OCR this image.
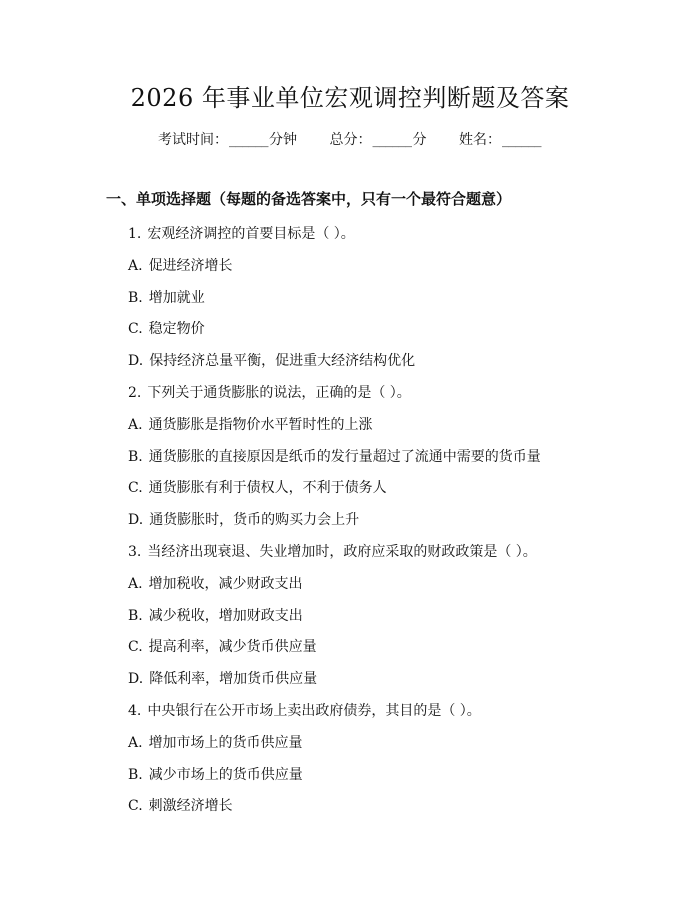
2026 年事业单位宏观调控判断题及答案
考试时间：______分钟 总分：______分 姓名：______
一、单项选择题（每题的备选答案中，只有一个最符合题意）
1. 宏观经济调控的首要目标是（ ）。
A. 促进经济增长
B. 增加就业
C. 稳定物价
D. 保持经济总量平衡，促进重大经济结构优化
2. 下列关于通货膨胀的说法，正确的是（ ）。
A. 通货膨胀是指物价水平暂时性的上涨
B. 通货膨胀的直接原因是纸币的发行量超过了流通中需要的货币量
C. 通货膨胀有利于债权人，不利于债务人
D. 通货膨胀时，货币的购买力会上升
3. 当经济出现衰退、失业增加时，政府应采取的财政政策是（ ）。
A. 增加税收，减少财政支出
B. 减少税收，增加财政支出
C. 提高利率，减少货币供应量
D. 降低利率，增加货币供应量
4. 中央银行在公开市场上卖出政府债券，其目的是（ ）。
A. 增加市场上的货币供应量
B. 减少市场上的货币供应量
C. 刺激经济增长
